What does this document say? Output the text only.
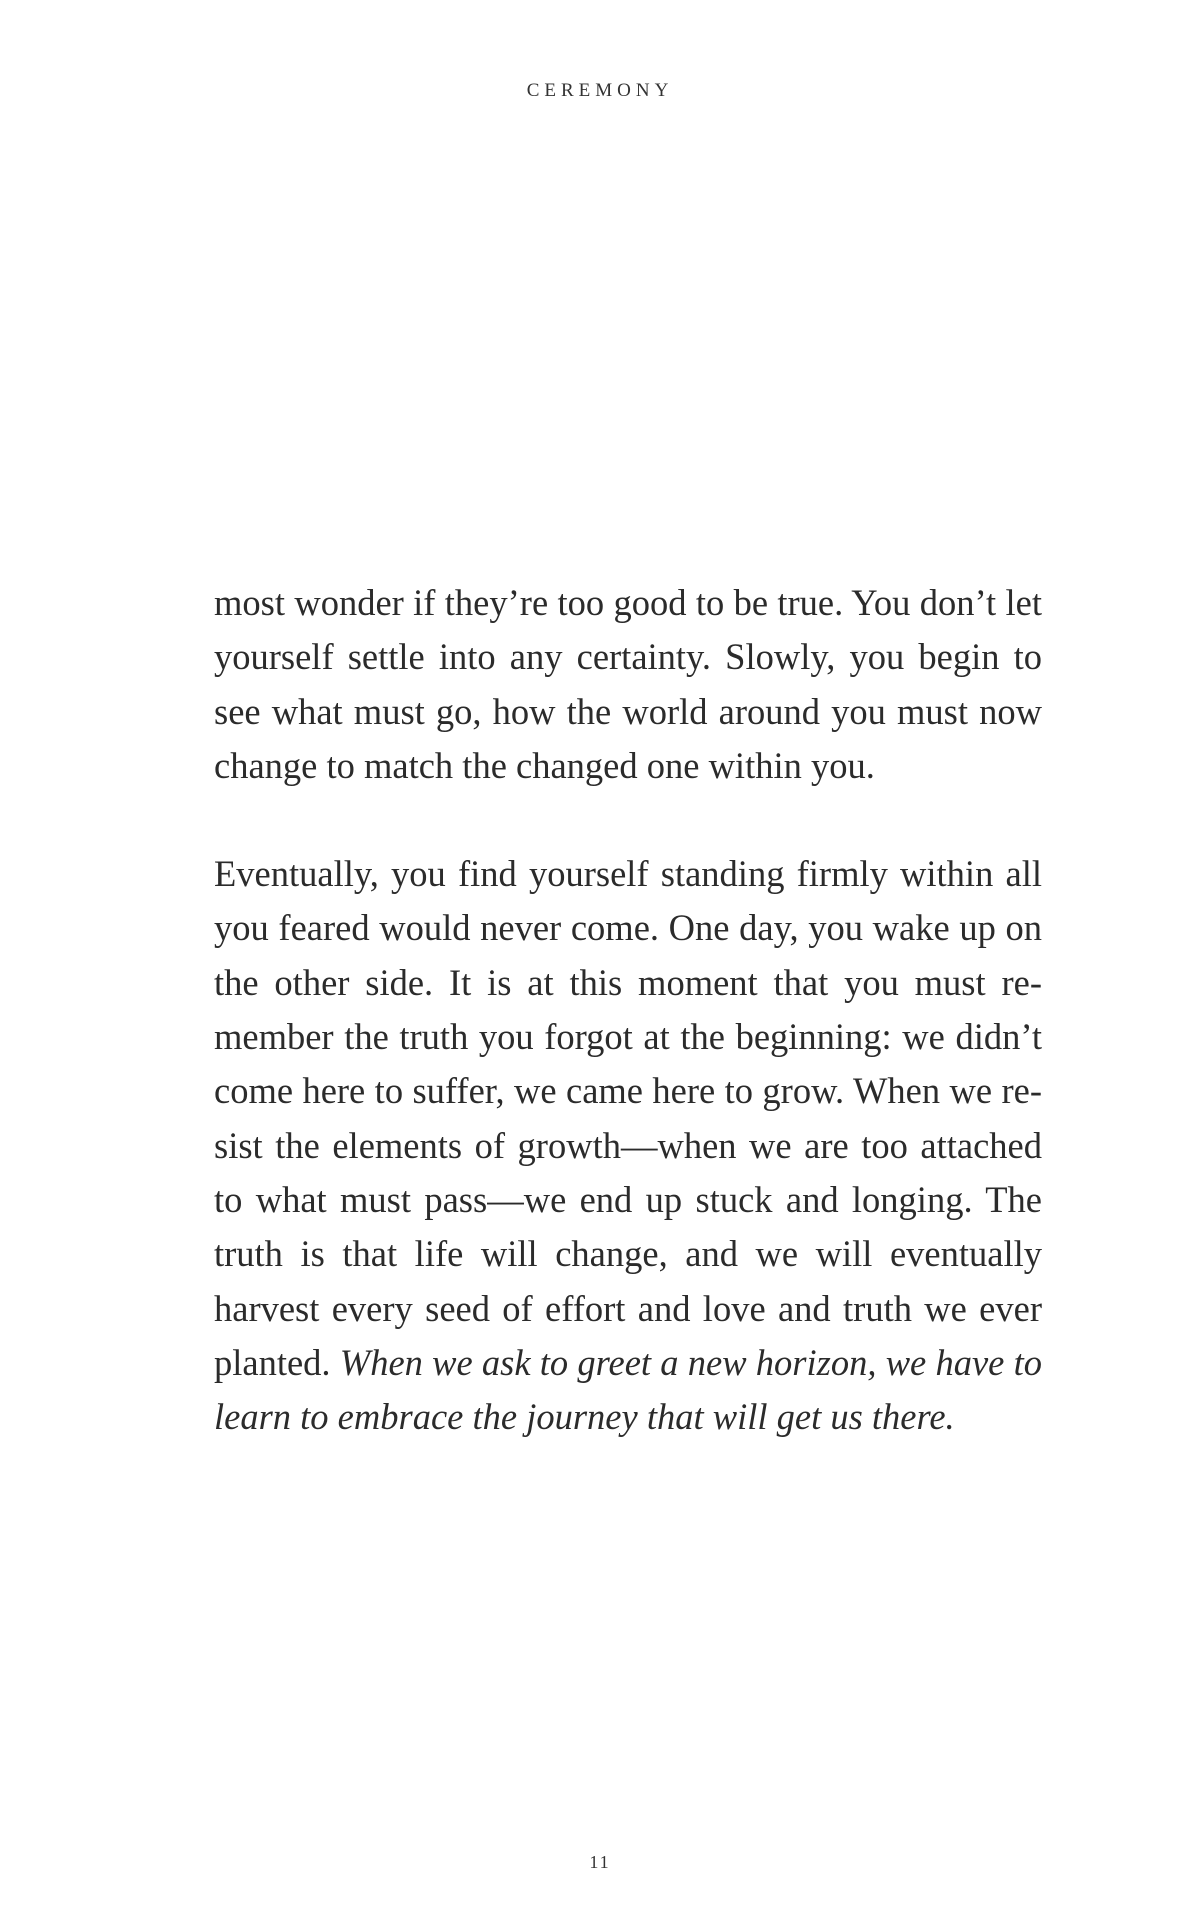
CEREMONY

most wonder if they’re too good to be true. You don’t let yourself settle into any certainty. Slowly, you begin to see what must go, how the world around you must now change to match the changed one within you.

Eventually, you find yourself standing firmly within all you feared would never come. One day, you wake up on the other side. It is at this moment that you must remember the truth you forgot at the beginning: we didn’t come here to suffer, we came here to grow. When we resist the elements of growth—when we are too attached to what must pass—we end up stuck and longing. The truth is that life will change, and we will eventually harvest every seed of effort and love and truth we ever planted. When we ask to greet a new horizon, we have to learn to embrace the journey that will get us there.

11
